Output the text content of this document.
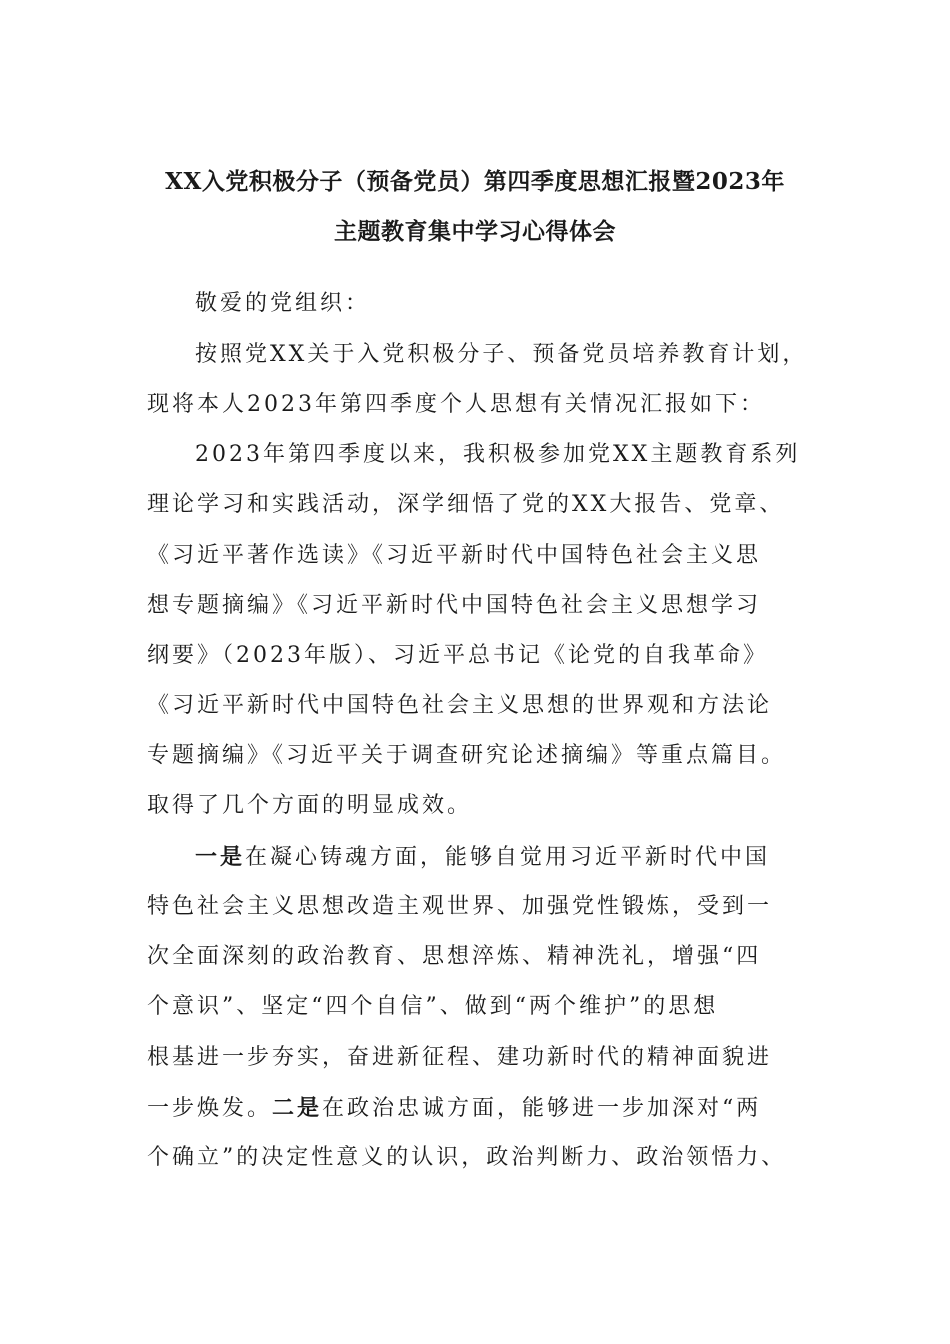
XX入党积极分子（预备党员）第四季度思想汇报暨2023年
主题教育集中学习心得体会
敬爱的党组织：
按照党XX关于入党积极分子、预备党员培养教育计划，
现将本人2023年第四季度个人思想有关情况汇报如下：
2023年第四季度以来，我积极参加党XX主题教育系列
理论学习和实践活动，深学细悟了党的XX大报告、党章、
《习近平著作选读》《习近平新时代中国特色社会主义思
想专题摘编》《习近平新时代中国特色社会主义思想学习
纲要》（2023年版）、习近平总书记《论党的自我革命》
《习近平新时代中国特色社会主义思想的世界观和方法论
专题摘编》《习近平关于调查研究论述摘编》等重点篇目。
取得了几个方面的明显成效。
一是在凝心铸魂方面，能够自觉用习近平新时代中国
特色社会主义思想改造主观世界、加强党性锻炼，受到一
次全面深刻的政治教育、思想淬炼、精神洗礼，增强“四
个意识”、坚定“四个自信”、做到“两个维护”的思想
根基进一步夯实，奋进新征程、建功新时代的精神面貌进
一步焕发。二是在政治忠诚方面，能够进一步加深对“两
个确立”的决定性意义的认识，政治判断力、政治领悟力、
